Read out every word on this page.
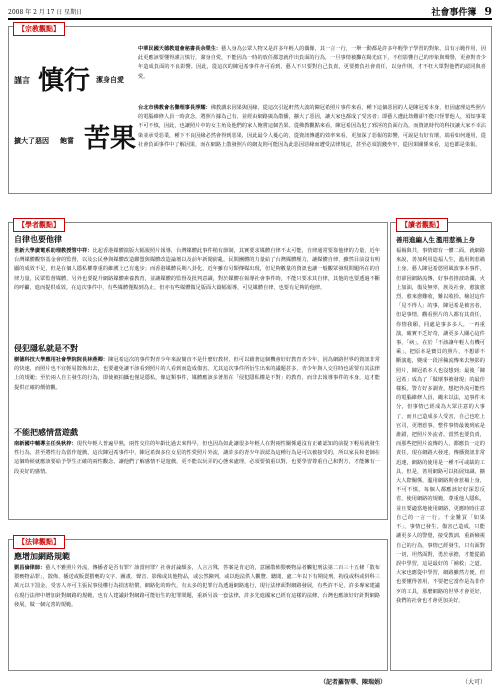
2008 年 2 月 17 日 星期日	社會事件簿 9
【宗教觀點】
謹言 慎行 潔身自愛
中華民國天德教道會秘書長余榮生：藝人身為公眾人物又是許多年輕人的偶像，其一言一行，一舉一動都是許多年輕學子學習的對象，具有示範作用，因此更應該要懂得謹言慎行，潔身自愛，不能因為一時的放任都忽就作出負面的行為，一旦事情被攤在陽光底下，不但影響自己的形象與聲譽，更會對青少年造成負面的不良影響。因此，從這次的陳冠希事件亦可看到，藝人不只要對自己負責，更要擔負社會責任，以身作則，才不枉大眾對他們的認同與喜愛。
擴大了惡因 飽嘗 苦果
台北市佛教會名譽理事長淨耀：佛教講求因果與因緣，從這次引起軒然大波的陳冠希照片事件來看，種下這個惡因的人是陳冠希本身，但因處理這些照片的電腦維修人員一時貪念，將照片據為己有，並經由網路廣為散播，擴大了惡因，讓大家也都成了受害者；即藝人遭此劫難卻不能只怪罪他人，須知事業不可不慎，因此，也讓照片中的女主角及他們的家人飽嘗這個苦果。從佛教觀點來看，陳冠希因為犯了邪淫的負面行為，而資訊時代的科技讓大家不幸沾染並承受惡業，種下不良因緣必然會得到惡果，因此最令人憂心的，從資訊傳遞的效率來看，更加深了惡報的影響，可說是有好有壞，端看如何運用，從社會負面事件中了解因果，而在網路上散發照片的網友則可能因為此惡因惡緣而遭受法律規定，甚至必須罰錢坐牢，從因果關係來看，這也都是果報。
【學者觀點】
自律也要他律
世新大學廣電系助理教授管中祥：比起香港媒體演版大幅報照片報導，台灣媒體此事件稍有節制，其實要求媒體自律不太可能，自律通常要靠他律的力量，近年台灣媒體觀察基金會的監督，以及公民參與媒體改造聯盟與媒體改造論壇以及前年新聞紛亂，民間團體的力量給了台灣媒體壓力，讓媒體自律，雖然目前沒有明顯的成效不足，但是在個人隱私權尊重的維護上已有進步；而香港媒體長期八卦化，近年雖有另類傳媒出現，但足夠數量的資訊也讓一般觀眾發現問題所在的自律力量，民眾監督媒體，另外也要提升網路媒體素養教育，並讓媒體的監督及批判意識，對於媒體在報導社會事件時，不能只要求其自律，其他的也要透過不斷的呼籲，進而提供成效。在這次事件中，有些媒體僅點到為止，但亦有些媒體做足版面大篇幅報導，可見媒體自律，也要有足夠的他律。
侵犯隱私就是不對
樹德科技大學應用社會學院院長林燕卿：陳冠希這次的事件對青少年來說簡直不是什麼好教材，但可以藉著這個機會好好教育青少年，因為網路世界的資訊非常的快速，而照片也不宜輕易散佈出去，也要避免讓不該看到照片的人看到而造成傷害。尤其這次事件所衍生出來的議題甚多，青少年與人交往時也需要有其法律上的規範；至於兩人自主發生的行為，即使被拍攝也僅是隱私，像這類事件，媒體應該多著墨在「侵犯隱私權是不對」的教育，而非去報導事件的本身，這才能提供正確的價值觀。
不能把感情當遊戲
南新國中輔導主任吳秋梓：現代年輕人普遍早熟，兩性交往的年齡比過去來得早，但也因為如此讓很多年輕人在對兩性關係還沒有正確認知的前提下輕易就發生性行為，甚至將性行為當作遊戲，這次陳冠希事件中，陳冠希與多位女星的性愛照片外流，讓許多的青少年誤認為這種行為是可以被接受的，所以家長和老師在這個時候就應該要給予學生正確的兩性觀念，讓他們了解感情不是遊戲，更不能以玩弄的心態來處理，必須要慎重以對，也要學習尊重自己和對方，才能擁有一段美好的感情。
【法律觀點】
應增加網路規範
劉昌倫律師：藝人不雅照片外流，傳播者是否有罪？該當何罪？社會討論頗多，人言言殊，答案是肯定的，意圖散佈猥褻物品者觸犯刑法第二百三十五條「散布猥褻物品罪」，散佈、播送或販賣猥褻的文字、圖畫、聲音、影像或其他物品，或公然陳列，或以他法供人觀覽、聽聞，處二年以下有期徒刑、拘役或科或併科三萬元以下罰金。受害人亦可主張民事侵權行為損害賠償。網路化的時代，有太多的犯罪行為透過網路進行，現行法律面對網路發展，有些許不足，許多專家建議在現行法律中增加針對網路的規範，也有人建議針對網路可能衍生的犯罪問題，重新另設一套法律，許多先進國家已經有這樣的法條，台灣也應該好好針對網路發展，做一個完善的規範。
（記者羅智華、陳瑞娟）
【讀者觀點】
善用進編人生 濫用惹禍上身
福禍與共，事情總有一體二面，就網路來說，善加利用造福人生，濫用則惹禍上身。藝人陳冠希慾照風波事本事件，但卻因網路流傳，好事者推波助瀾，火上加油，傷及無辜，族及社會，愈演愈烈，愈來愈難收，難以收拾。檢討這件「見不得人」的事，陳冠希是被害者，但是事情，觀看照片的人都有其責任，你情我願，同處是事多多人，一再重演，確實不乏好奇，讓更多人關心這件事，「病」，在於「不該讓年輕人有機可乘」，把原本是寶貝的照片，不想卻不斷演進，變成一段淫穢流傳來去無影的照片，陳冠希本人也沒想到；最後「陳冠希」成為了「做壞事被發現」的最佳樣板。警方好多調查，想把外流可能性的電腦維修人員，繩未以法，這事件未分，但事情已經成為大眾注意的大事了，而且已造成多人受害，自己也吃上官司，更增惹事。整件事情最後到底是誰錯，把照片外流者。當然也要負責，而那些把照片流傳的人，都應負一定的責任。現在網路大發達，傳播資訊非常迅速，網路的使用是一種不可或缺的工具，但是，善用網路可以拓展知識、擴大人際關係，濫用網路則會惹禍上身，不可不慎。每個人都應該好好深思反省，使用網路的規範，尊重他人隱私，並且要適當地使用網路，更應時時注意自己的一言一行。千金難買「如果不」，事情已發生，傷害已造成，只能讓更多人的警覺，接受教訓，重新檢視自己的行為，事情已經發生，只有面對一切，坦然面對，勇於承擔，才能從錯誤中學習，這是最好的「補救」之道。大家也應從中學習，網路雖然方便，但也要懂得善用，不要把它當作是為非作歹的工具，那麼網路的世界才會更好，我們的社會也才會更加美好。
（大可）
